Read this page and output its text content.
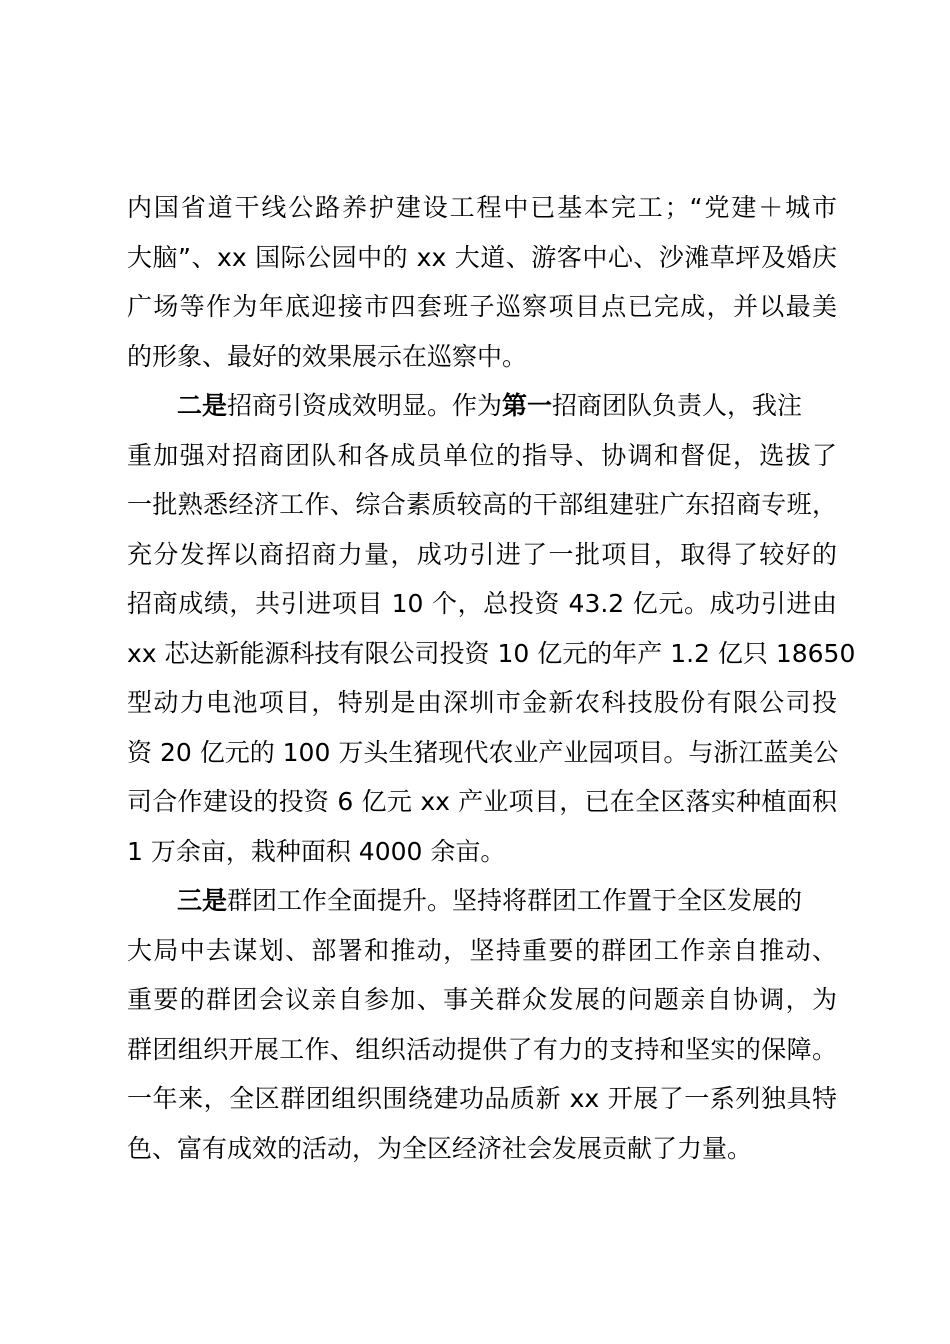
内国省道干线公路养护建设工程中已基本完工；“党建＋城市
大脑”、xx 国际公园中的 xx 大道、游客中心、沙滩草坪及婚庆
广场等作为年底迎接市四套班子巡察项目点已完成，并以最美
的形象、最好的效果展示在巡察中。
二是招商引资成效明显。作为第一招商团队负责人，我注
重加强对招商团队和各成员单位的指导、协调和督促，选拔了
一批熟悉经济工作、综合素质较高的干部组建驻广东招商专班，
充分发挥以商招商力量，成功引进了一批项目，取得了较好的
招商成绩，共引进项目 10 个，总投资 43.2 亿元。成功引进由
xx 芯达新能源科技有限公司投资 10 亿元的年产 1.2 亿只 18650
型动力电池项目，特别是由深圳市金新农科技股份有限公司投
资 20 亿元的 100 万头生猪现代农业产业园项目。与浙江蓝美公
司合作建设的投资 6 亿元 xx 产业项目，已在全区落实种植面积
1 万余亩，栽种面积 4000 余亩。
三是群团工作全面提升。坚持将群团工作置于全区发展的
大局中去谋划、部署和推动，坚持重要的群团工作亲自推动、
重要的群团会议亲自参加、事关群众发展的问题亲自协调，为
群团组织开展工作、组织活动提供了有力的支持和坚实的保障。
一年来，全区群团组织围绕建功品质新 xx 开展了一系列独具特
色、富有成效的活动，为全区经济社会发展贡献了力量。
